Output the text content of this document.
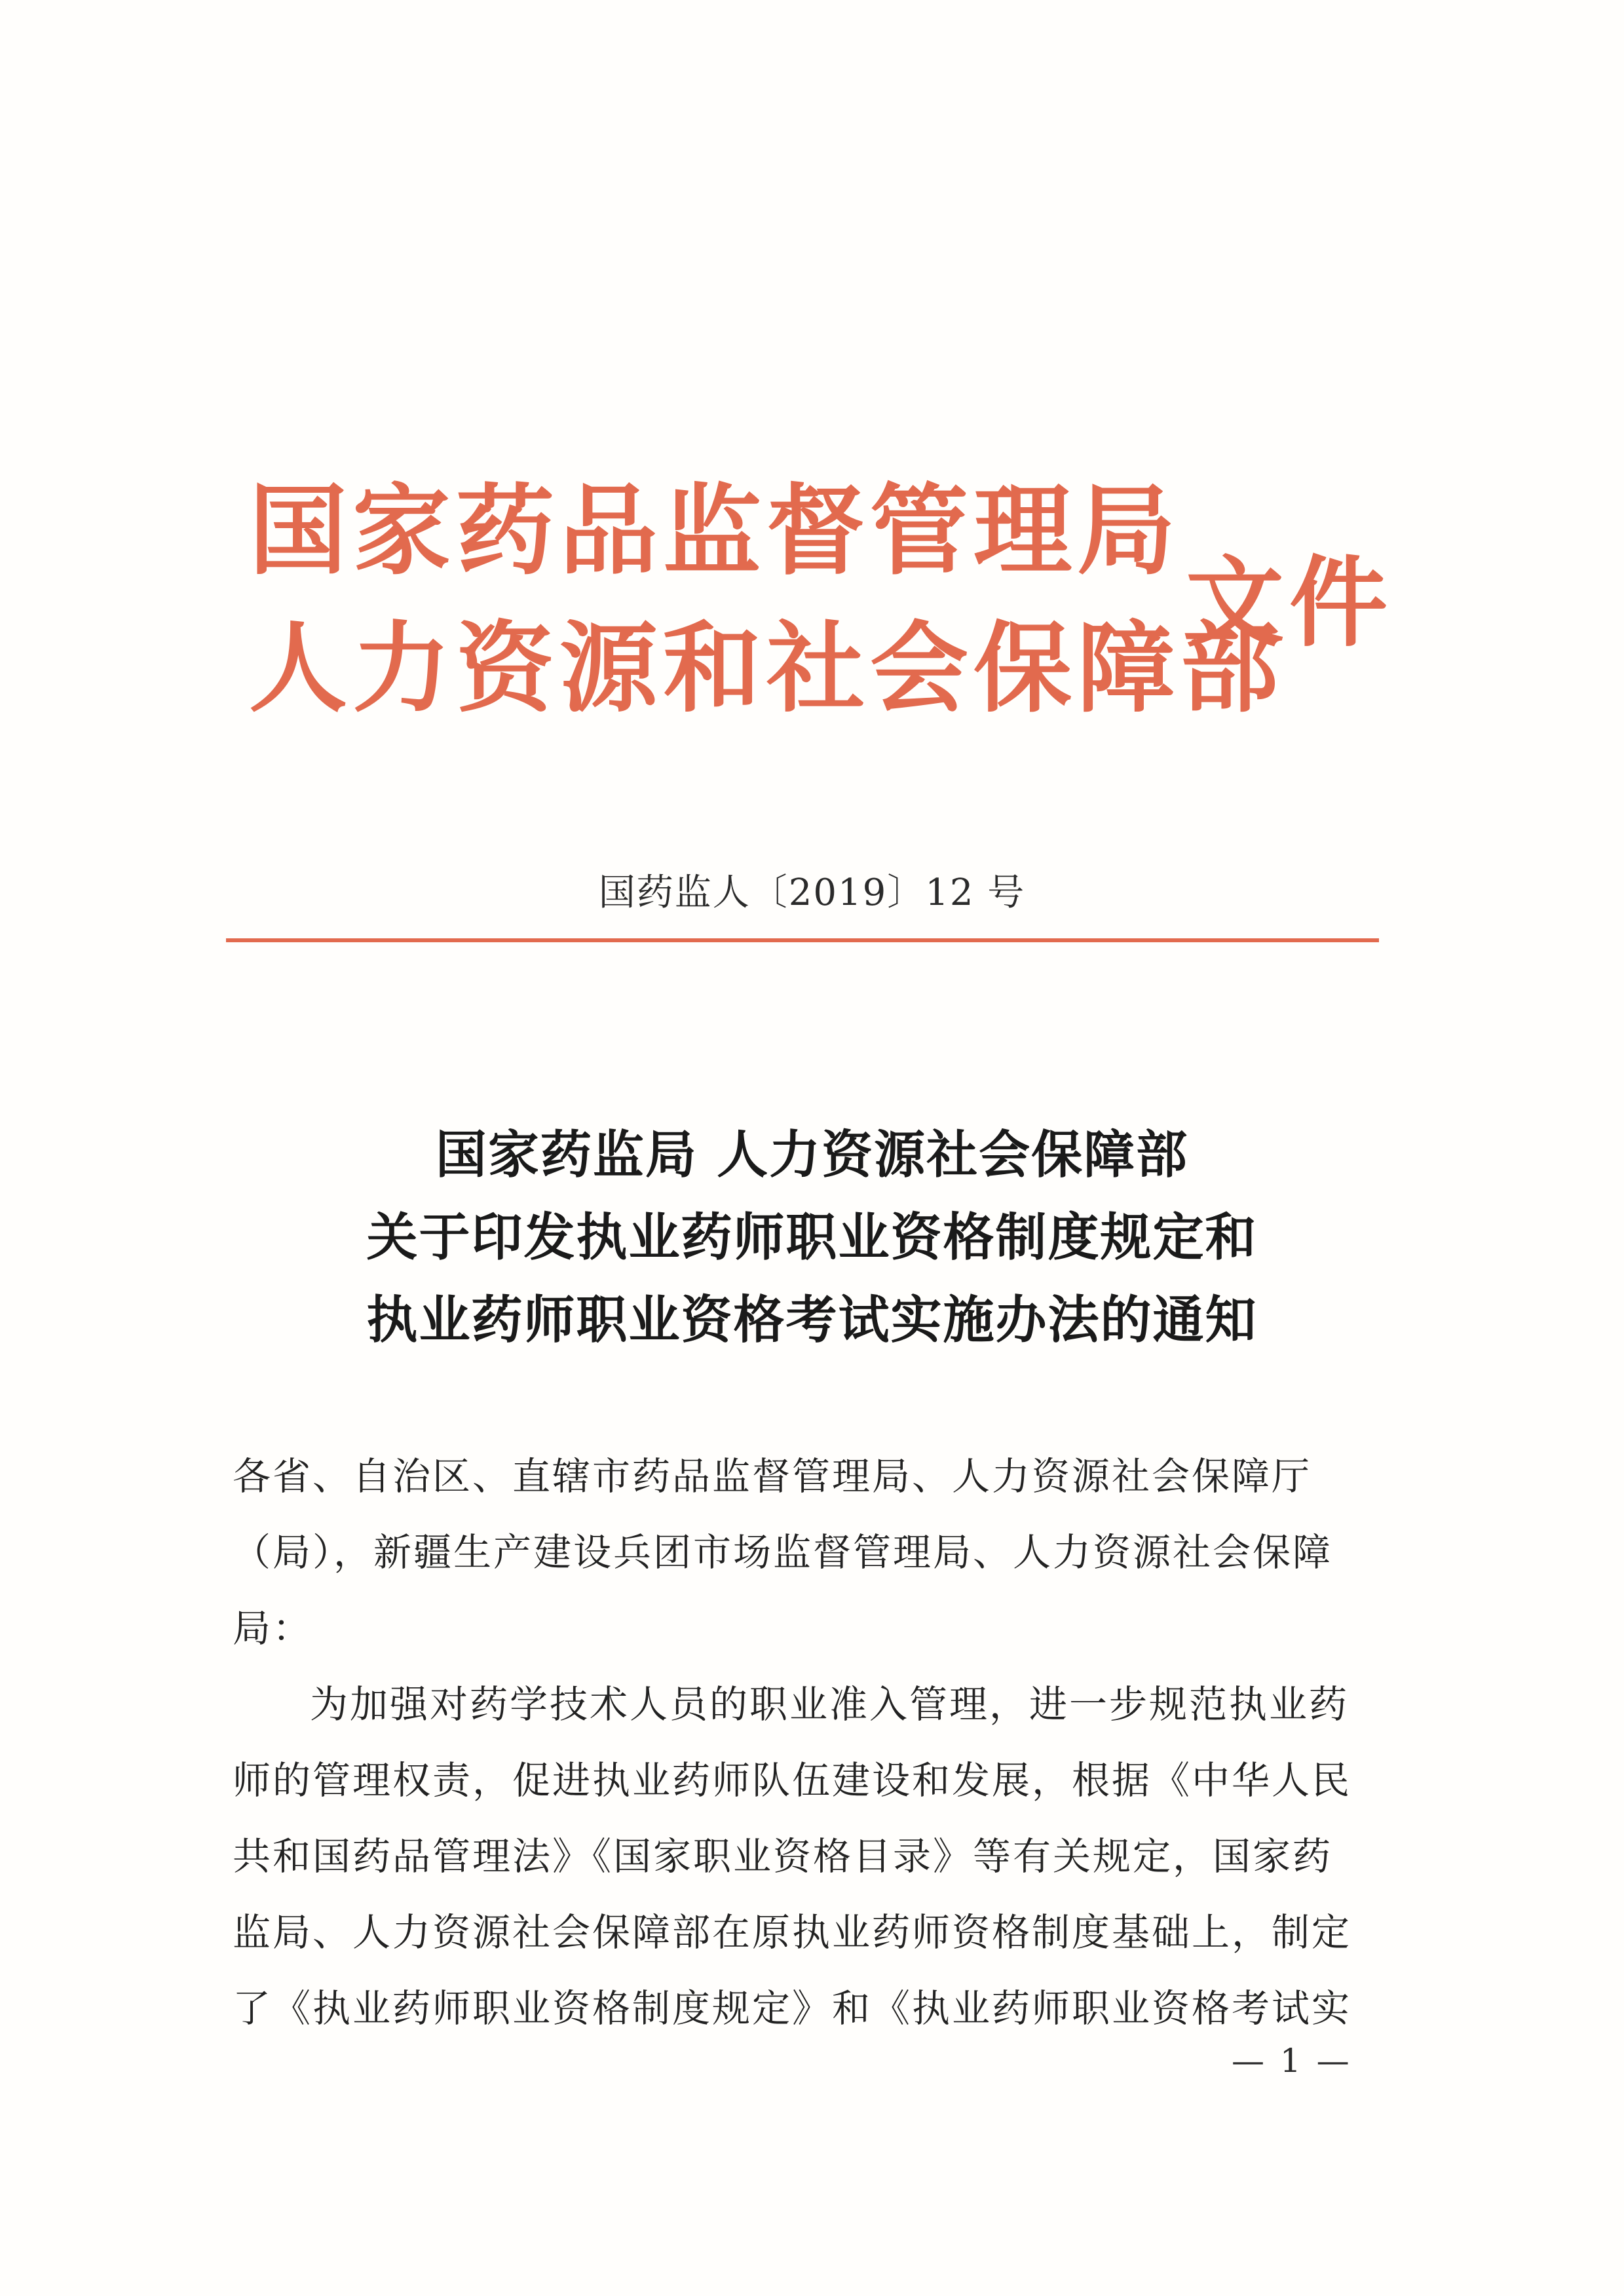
国家药品监督管理局
人力资源和社会保障部
文件
国药监人〔2019〕12 号
国家药监局 人力资源社会保障部
关于印发执业药师职业资格制度规定和
执业药师职业资格考试实施办法的通知
各省、自治区、直辖市药品监督管理局、人力资源社会保障厅
（局），新疆生产建设兵团市场监督管理局、人力资源社会保障
局：
为加强对药学技术人员的职业准入管理，进一步规范执业药
师的管理权责，促进执业药师队伍建设和发展，根据《中华人民
共和国药品管理法》《国家职业资格目录》等有关规定，国家药
监局、人力资源社会保障部在原执业药师资格制度基础上，制定
了《执业药师职业资格制度规定》和《执业药师职业资格考试实
— 1 —
